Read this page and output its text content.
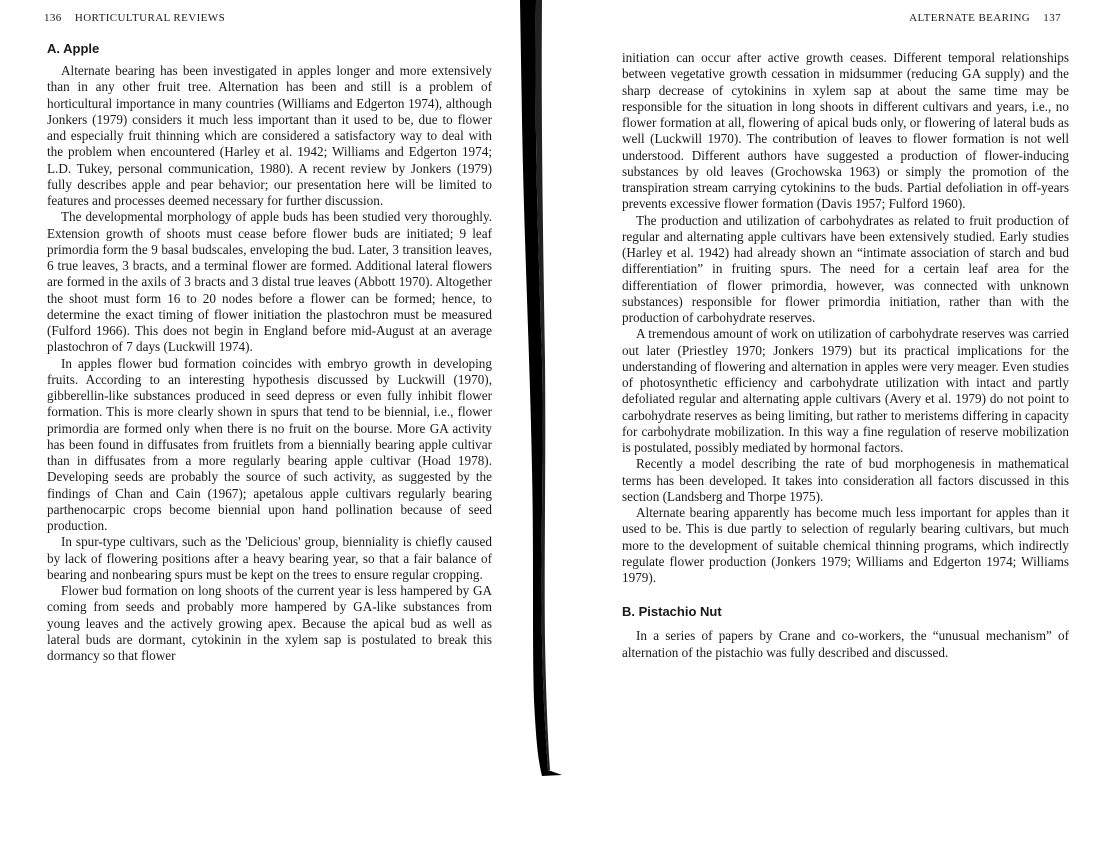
136 HORTICULTURAL REVIEWS
A. Apple

Alternate bearing has been investigated in apples longer and more extensively than in any other fruit tree. Alternation has been and still is a problem of horticultural importance in many countries (Williams and Edgerton 1974), although Jonkers (1979) considers it much less important than it used to be, due to flower and especially fruit thinning which are considered a satisfactory way to deal with the problem when encountered (Harley et al. 1942; Williams and Edgerton 1974; L.D. Tukey, personal communication, 1980). A recent review by Jonkers (1979) fully describes apple and pear behavior; our presentation here will be limited to features and processes deemed necessary for further discussion.

The developmental morphology of apple buds has been studied very thoroughly. Extension growth of shoots must cease before flower buds are initiated; 9 leaf primordia form the 9 basal budscales, enveloping the bud. Later, 3 transition leaves, 6 true leaves, 3 bracts, and a terminal flower are formed. Additional lateral flowers are formed in the axils of 3 bracts and 3 distal true leaves (Abbott 1970). Altogether the shoot must form 16 to 20 nodes before a flower can be formed; hence, to determine the exact timing of flower initiation the plastochron must be measured (Fulford 1966). This does not begin in England before mid-August at an average plastochron of 7 days (Luckwill 1974).

In apples flower bud formation coincides with embryo growth in developing fruits. According to an interesting hypothesis discussed by Luckwill (1970), gibberellin-like substances produced in seed depress or even fully inhibit flower formation. This is more clearly shown in spurs that tend to be biennial, i.e., flower primordia are formed only when there is no fruit on the bourse. More GA activity has been found in diffusates from fruitlets from a biennially bearing apple cultivar than in diffusates from a more regularly bearing apple cultivar (Hoad 1978). Developing seeds are probably the source of such activity, as suggested by the findings of Chan and Cain (1967); apetalous apple cultivars regularly bearing parthenocarpic crops become biennial upon hand pollination because of seed production.

In spur-type cultivars, such as the 'Delicious' group, bienniality is chiefly caused by lack of flowering positions after a heavy bearing year, so that a fair balance of bearing and nonbearing spurs must be kept on the trees to ensure regular cropping.

Flower bud formation on long shoots of the current year is less hampered by GA coming from seeds and probably more hampered by GA-like substances from young leaves and the actively growing apex. Because the apical bud as well as lateral buds are dormant, cytokinin in the xylem sap is postulated to break this dormancy so that flower

ALTERNATE BEARING 137

initiation can occur after active growth ceases. Different temporal relationships between vegetative growth cessation in midsummer (reducing GA supply) and the sharp decrease of cytokinins in xylem sap at about the same time may be responsible for the situation in long shoots in different cultivars and years, i.e., no flower formation at all, flowering of apical buds only, or flowering of lateral buds as well (Luckwill 1970). The contribution of leaves to flower formation is not well understood. Different authors have suggested a production of flower-inducing substances by old leaves (Grochowska 1963) or simply the promotion of the transpiration stream carrying cytokinins to the buds. Partial defoliation in off-years prevents excessive flower formation (Davis 1957; Fulford 1960).

The production and utilization of carbohydrates as related to fruit production of regular and alternating apple cultivars have been extensively studied. Early studies (Harley et al. 1942) had already shown an “intimate association of starch and bud differentiation” in fruiting spurs. The need for a certain leaf area for the differentiation of flower primordia, however, was connected with unknown substances) responsible for flower primordia initiation, rather than with the production of carbohydrate reserves.

A tremendous amount of work on utilization of carbohydrate reserves was carried out later (Priestley 1970; Jonkers 1979) but its practical implications for the understanding of flowering and alternation in apples were very meager. Even studies of photosynthetic efficiency and carbohydrate utilization with intact and partly defoliated regular and alternating apple cultivars (Avery et al. 1979) do not point to carbohydrate reserves as being limiting, but rather to meristems differing in capacity for carbohydrate mobilization. In this way a fine regulation of reserve mobilization is postulated, possibly mediated by hormonal factors.

Recently a model describing the rate of bud morphogenesis in mathematical terms has been developed. It takes into consideration all factors discussed in this section (Landsberg and Thorpe 1975).

Alternate bearing apparently has become much less important for apples than it used to be. This is due partly to selection of regularly bearing cultivars, but much more to the development of suitable chemical thinning programs, which indirectly regulate flower production (Jonkers 1979; Williams and Edgerton 1974; Williams 1979).

B. Pistachio Nut

In a series of papers by Crane and co-workers, the “unusual mechanism” of alternation of the pistachio was fully described and discussed.
